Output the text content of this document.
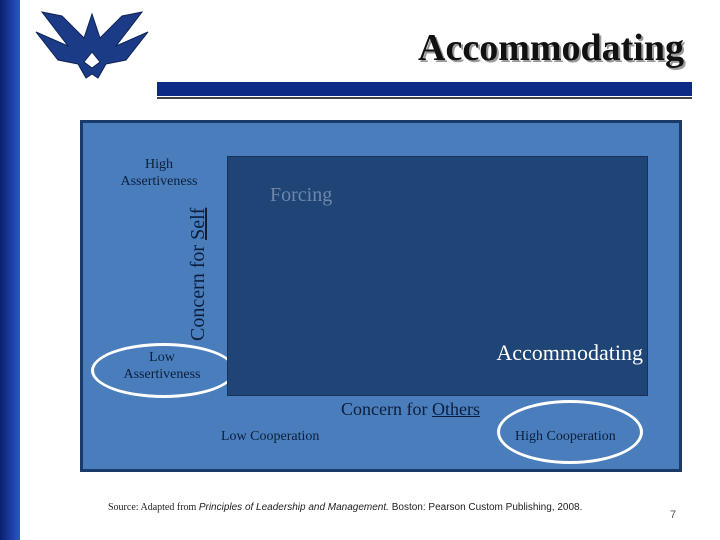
Accommodating
High
Assertiveness
Concern for Self
Low
Assertiveness
Forcing
Accommodating
Concern for Others
Low Cooperation	High Cooperation
Source: Adapted from Principles of Leadership and Management. Boston: Pearson Custom Publishing, 2008.
7
